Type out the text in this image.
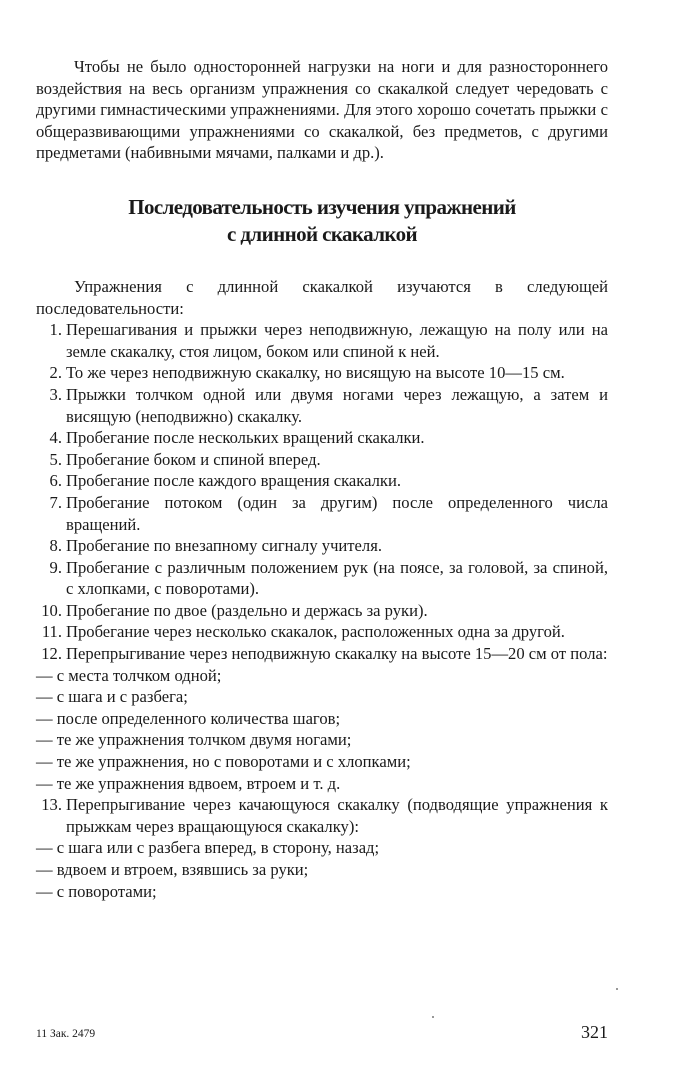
Чтобы не было односторонней нагрузки на ноги и для разностороннего воздействия на весь организм упражнения со скакалкой следует чередовать с другими гимнастическими упражнениями. Для этого хорошо сочетать прыжки с общеразвивающими упражнениями со скакалкой, без предметов, с другими предметами (набивными мячами, палками и др.).

Последовательность изучения упражнений
с длинной скакалкой

Упражнения с длинной скакалкой изучаются в следующей последовательности:

1. Перешагивания и прыжки через неподвижную, лежащую на полу или на земле скакалку, стоя лицом, боком или спиной к ней.
2. То же через неподвижную скакалку, но висящую на высоте 10—15 см.
3. Прыжки толчком одной или двумя ногами через лежащую, а затем и висящую (неподвижно) скакалку.
4. Пробегание после нескольких вращений скакалки.
5. Пробегание боком и спиной вперед.
6. Пробегание после каждого вращения скакалки.
7. Пробегание потоком (один за другим) после определенного числа вращений.
8. Пробегание по внезапному сигналу учителя.
9. Пробегание с различным положением рук (на поясе, за головой, за спиной, с хлопками, с поворотами).
10. Пробегание по двое (раздельно и держась за руки).
11. Пробегание через несколько скакалок, расположенных одна за другой.
12. Перепрыгивание через неподвижную скакалку на высоте 15—20 см от пола:
— с места толчком одной;
— с шага и с разбега;
— после определенного количества шагов;
— те же упражнения толчком двумя ногами;
— те же упражнения, но с поворотами и с хлопками;
— те же упражнения вдвоем, втроем и т. д.
13. Перепрыгивание через качающуюся скакалку (подводящие упражнения к прыжкам через вращающуюся скакалку):
— с шага или с разбега вперед, в сторону, назад;
— вдвоем и втроем, взявшись за руки;
— с поворотами;
11 Зак. 2479	321
